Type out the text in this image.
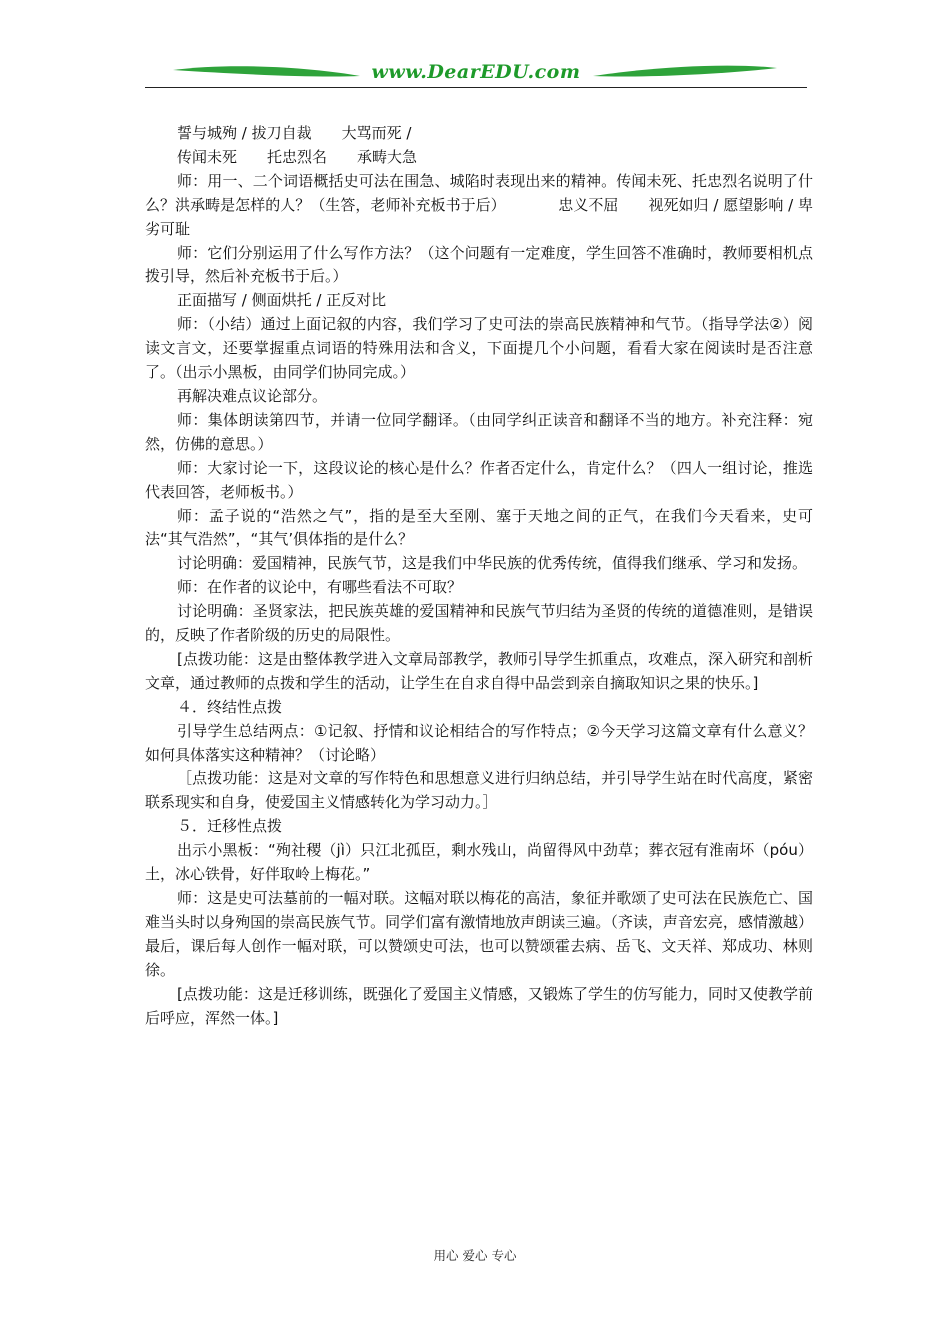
www.DearEDU.com

誓与城殉 / 拔刀自裁　　大骂而死 /

传闻未死　　托忠烈名　　承畴大急

师：用一、二个词语概括史可法在围急、城陷时表现出来的精神。传闻未死、托忠烈名说明了什么？洪承畴是怎样的人？（生答，老师补充板书于后）　　　　忠义不屈　　视死如归 / 愿望影响 / 卑劣可耻

师：它们分别运用了什么写作方法？（这个问题有一定难度，学生回答不准确时，教师要相机点拨引导，然后补充板书于后。）

正面描写 / 侧面烘托 / 正反对比

师：（小结）通过上面记叙的内容，我们学习了史可法的崇高民族精神和气节。（指导学法②）阅读文言文，还要掌握重点词语的特殊用法和含义，下面提几个小问题，看看大家在阅读时是否注意了。（出示小黑板，由同学们协同完成。）

再解决难点议论部分。

师：集体朗读第四节，并请一位同学翻译。（由同学纠正读音和翻译不当的地方。补充注释：宛然，仿佛的意思。）

师：大家讨论一下，这段议论的核心是什么？作者否定什么，肯定什么？（四人一组讨论，推选代表回答，老师板书。）

师：孟子说的“浩然之气”，指的是至大至刚、塞于天地之间的正气，在我们今天看来，史可法“其气浩然”，“其气’俱体指的是什么？

讨论明确：爱国精神，民族气节，这是我们中华民族的优秀传统，值得我们继承、学习和发扬。

师：在作者的议论中，有哪些看法不可取？

讨论明确：圣贤家法，把民族英雄的爱国精神和民族气节归结为圣贤的传统的道德准则，是错误的，反映了作者阶级的历史的局限性。

[点拨功能：这是由整体教学进入文章局部教学，教师引导学生抓重点，攻难点，深入研究和剖析文章，通过教师的点拨和学生的活动，让学生在自求自得中品尝到亲自摘取知识之果的快乐。]

４．终结性点拨

引导学生总结两点：①记叙、抒情和议论相结合的写作特点；②今天学习这篇文章有什么意义？如何具体落实这种精神？（讨论略）

［点拨功能：这是对文章的写作特色和思想意义进行归纳总结，并引导学生站在时代高度，紧密联系现实和自身，使爱国主义情感转化为学习动力。］

５．迁移性点拨

出示小黑板：“殉社稷（jì）只江北孤臣，剩水残山，尚留得风中劲草；葬衣冠有淮南坏（póu）土，冰心铁骨，好伴取岭上梅花。”

师：这是史可法墓前的一幅对联。这幅对联以梅花的高洁，象征并歌颂了史可法在民族危亡、国难当头时以身殉国的崇高民族气节。同学们富有激情地放声朗读三遍。（齐读，声音宏亮，感情激越）最后，课后每人创作一幅对联，可以赞颂史可法，也可以赞颂霍去病、岳飞、文天祥、郑成功、林则徐。

[点拨功能：这是迁移训练，既强化了爱国主义情感，又锻炼了学生的仿写能力，同时又使教学前后呼应，浑然一体。]

用心 爱心 专心
